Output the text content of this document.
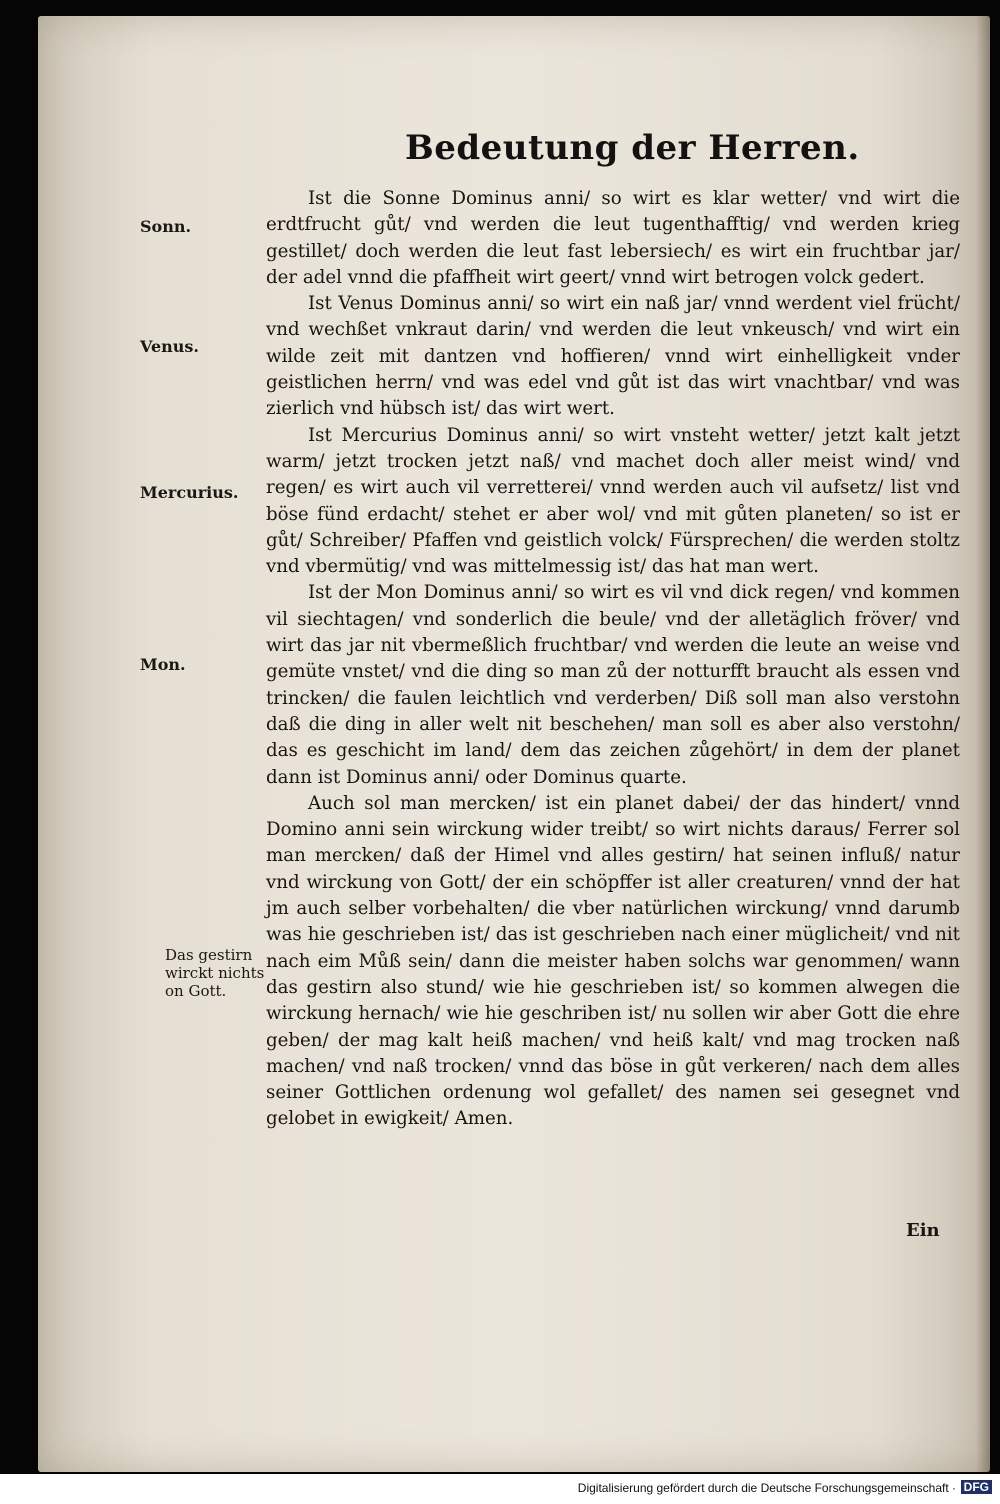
Bedeutung der Herren.
Sonn.
Venus.
Mercurius.
Mon.
Das gestirn wirckt nichts on Gott.

Ist die Sonne Dominus anni/ so wirt es klar wetter/ vnd wirt die erdtfrucht gůt/ vnd werden die leut tugenthafftig/ vnd werden krieg gestillet/ doch werden die leut fast lebersiech/ es wirt ein fruchtbar jar/ der adel vnnd die pfaffheit wirt geert/ vnnd wirt betrogen volck gedert.

Ist Venus Dominus anni/ so wirt ein naß jar/ vnnd werdent viel frücht/ vnd wechßet vnkraut darin/ vnd werden die leut vnkeusch/ vnd wirt ein wilde zeit mit dantzen vnd hoffieren/ vnnd wirt einhelligkeit vnder geistlichen herrn/ vnd was edel vnd gůt ist das wirt vnachtbar/ vnd was zierlich vnd hübsch ist/ das wirt wert.

Ist Mercurius Dominus anni/ so wirt vnsteht wetter/ jetzt kalt jetzt warm/ jetzt trocken jetzt naß/ vnd machet doch aller meist wind/ vnd regen/ es wirt auch vil verretterei/ vnnd werden auch vil aufsetz/ list vnd böse fünd erdacht/ stehet er aber wol/ vnd mit gůten planeten/ so ist er gůt/ Schreiber/ Pfaffen vnd geistlich volck/ Fürsprechen/ die werden stoltz vnd vbermütig/ vnd was mittelmessig ist/ das hat man wert.

Ist der Mon Dominus anni/ so wirt es vil vnd dick regen/ vnd kommen vil siechtagen/ vnd sonderlich die beule/ vnd der alletäglich fröver/ vnd wirt das jar nit vbermeßlich fruchtbar/ vnd werden die leute an weise vnd gemüte vnstet/ vnd die ding so man zů der notturfft braucht als essen vnd trincken/ die faulen leichtlich vnd verderben/ Diß soll man also verstohn daß die ding in aller welt nit beschehen/ man soll es aber also verstohn/ das es geschicht im land/ dem das zeichen zůgehört/ in dem der planet dann ist Dominus anni/ oder Dominus quarte.

Auch sol man mercken/ ist ein planet dabei/ der das hindert/ vnnd Domino anni sein wirckung wider treibt/ so wirt nichts daraus/ Ferrer sol man mercken/ daß der Himel vnd alles gestirn/ hat seinen influß/ natur vnd wirckung von Gott/ der ein schöpffer ist aller creaturen/ vnnd der hat jm auch selber vorbehalten/ die vber natürlichen wirckung/ vnnd darumb was hie geschrieben ist/ das ist geschrieben nach einer müglicheit/ vnd nit nach eim Můß sein/ dann die meister haben solchs war genommen/ wann das gestirn also stund/ wie hie geschrieben ist/ so kommen alwegen die wirckung hernach/ wie hie geschriben ist/ nu sollen wir aber Gott die ehre geben/ der mag kalt heiß machen/ vnd heiß kalt/ vnd mag trocken naß machen/ vnd naß trocken/ vnnd das böse in gůt verkeren/ nach dem alles seiner Gottlichen ordenung wol gefallet/ des namen sei gesegnet vnd gelobet in ewigkeit/ Amen.

Ein
Digitalisierung gefördert durch die Deutsche Forschungsgemeinschaft · DFG
